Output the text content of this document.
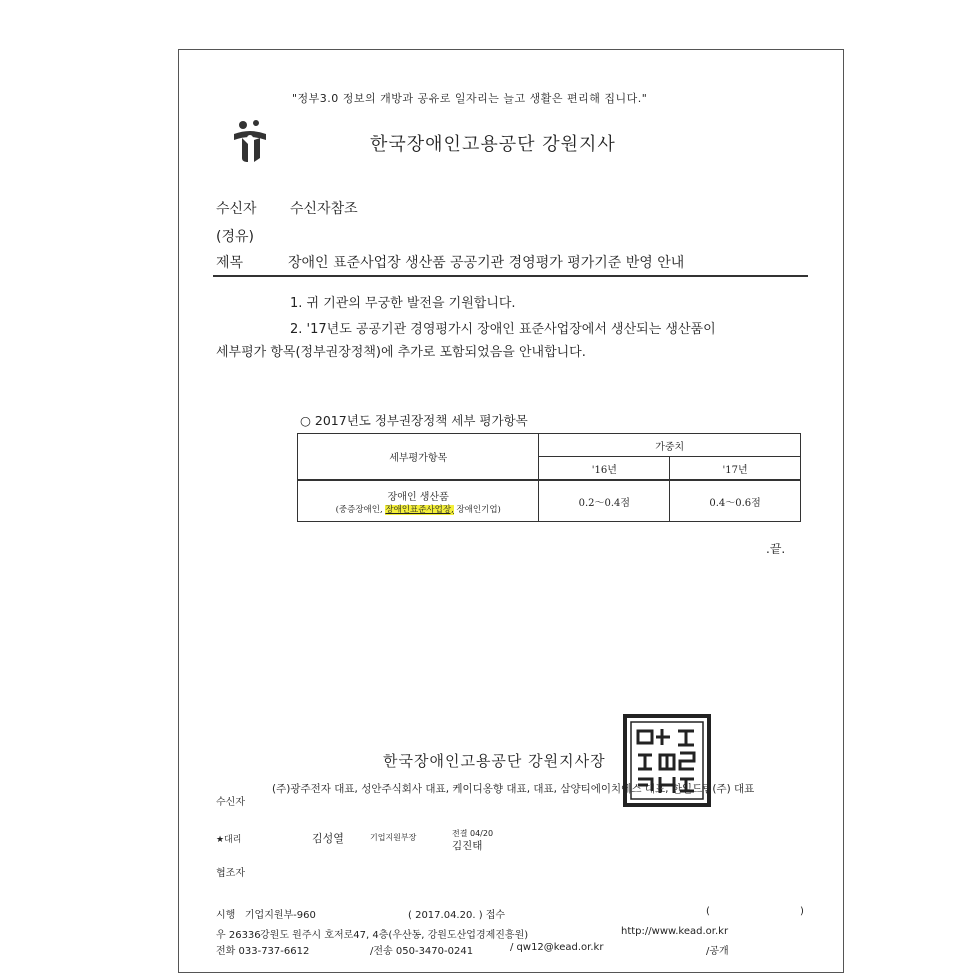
"정부3.0 정보의 개방과 공유로 일자리는 늘고 생활은 편리해 집니다."
한국장애인고용공단 강원지사
수신자 수신자참조
(경유)
제목	장애인 표준사업장 생산품 공공기관 경영평가 평가기준 반영 안내
1. 귀 기관의 무궁한 발전을 기원합니다.
2. '17년도 공공기관 경영평가시 장애인 표준사업장에서 생산되는 생산품이
세부평가 항목(정부권장정책)에 추가로 포함되었음을 안내합니다.
○ 2017년도 정부권장정책 세부 평가항목
세부평가항목	가중치	
	'16년	'17년

장애인 생산품
(중증장애인, 장애인표준사업장, 장애인기업)	0.2～0.4점	0.4～0.6점
.끝.
한국장애인고용공단 강원지사장
수신자
(주)광주전자 대표, 성안주식회사 대표, 케이디옹향 대표, 대표, 삼양티에이치에스 대표, 한일드림(주) 대표
★대리	김성열	기업지원부장	전결 04/20
김진태
협조자
시행 기업지원부-960	( 2017.04.20. ) 접수	(	)
우 26336 강원도 원주시 호저로47, 4층(우산동, 강원도산업경제진흥원)	http://www.kead.or.kr
전화 033-737-6612	/전송 050-3470-0241	/ qw12@kead.or.kr	/공개
